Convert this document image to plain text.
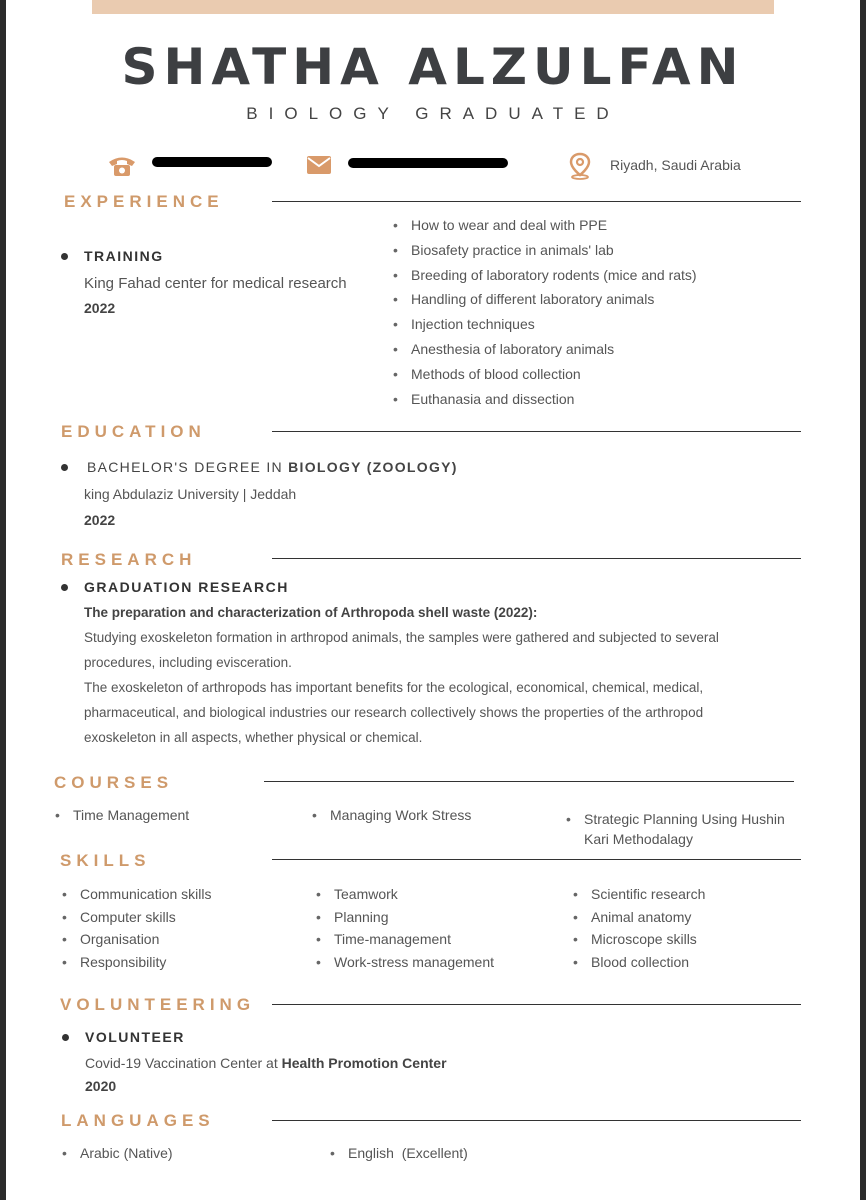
SHATHA ALZULFAN
BIOLOGY GRADUATED
Riyadh, Saudi Arabia
EXPERIENCE
TRAINING
King Fahad center for medical research
2022
• How to wear and deal with PPE
• Biosafety practice in animals' lab
• Breeding of laboratory rodents (mice and rats)
• Handling of different laboratory animals
• Injection techniques
• Anesthesia of laboratory animals
• Methods of blood collection
• Euthanasia and dissection
EDUCATION
BACHELOR'S DEGREE IN BIOLOGY (ZOOLOGY)
king Abdulaziz University | Jeddah
2022
RESEARCH
GRADUATION RESEARCH
The preparation and characterization of Arthropoda shell waste (2022):
Studying exoskeleton formation in arthropod animals, the samples were gathered and subjected to several
procedures, including evisceration.
The exoskeleton of arthropods has important benefits for the ecological, economical, chemical, medical,
pharmaceutical, and biological industries our research collectively shows the properties of the arthropod
exoskeleton in all aspects, whether physical or chemical.
COURSES
• Time Management	• Managing Work Stress	• Strategic Planning Using Hushin
Kari Methodalagy
SKILLS
• Communication skills
• Computer skills
• Organisation
• Responsibility
• Teamwork
• Planning
• Time-management
• Work-stress management
• Scientific research
• Animal anatomy
• Microscope skills
• Blood collection
VOLUNTEERING
VOLUNTEER
Covid-19 Vaccination Center at Health Promotion Center
2020
LANGUAGES
• Arabic (Native)	• English  (Excellent)
